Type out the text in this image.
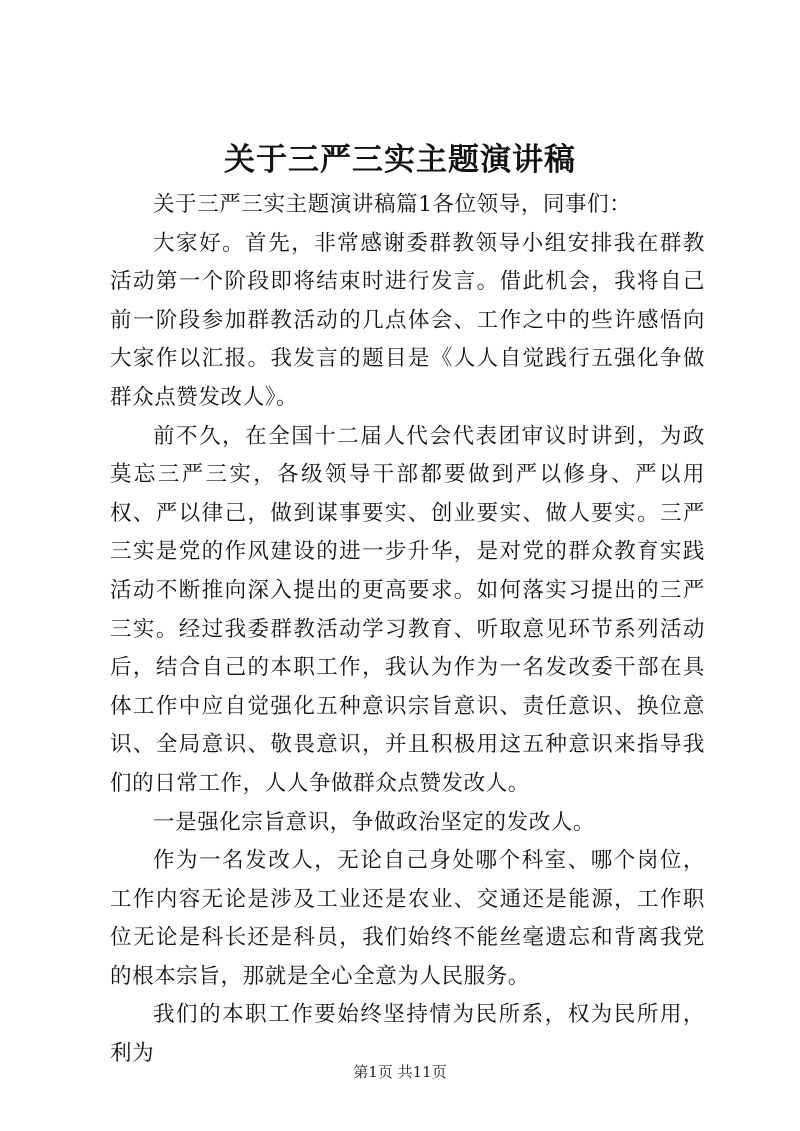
关于三严三实主题演讲稿

关于三严三实主题演讲稿篇1各位领导，同事们：

大家好。首先，非常感谢委群教领导小组安排我在群教活动第一个阶段即将结束时进行发言。借此机会，我将自己前一阶段参加群教活动的几点体会、工作之中的些许感悟向大家作以汇报。我发言的题目是《人人自觉践行五强化争做群众点赞发改人》。

前不久，在全国十二届人代会代表团审议时讲到，为政莫忘三严三实，各级领导干部都要做到严以修身、严以用权、严以律己，做到谋事要实、创业要实、做人要实。三严三实是党的作风建设的进一步升华，是对党的群众教育实践活动不断推向深入提出的更高要求。如何落实习提出的三严三实。经过我委群教活动学习教育、听取意见环节系列活动后，结合自己的本职工作，我认为作为一名发改委干部在具体工作中应自觉强化五种意识宗旨意识、责任意识、换位意识、全局意识、敬畏意识，并且积极用这五种意识来指导我们的日常工作，人人争做群众点赞发改人。

一是强化宗旨意识，争做政治坚定的发改人。

作为一名发改人，无论自己身处哪个科室、哪个岗位，工作内容无论是涉及工业还是农业、交通还是能源，工作职位无论是科长还是科员，我们始终不能丝毫遗忘和背离我党的根本宗旨，那就是全心全意为人民服务。

我们的本职工作要始终坚持情为民所系，权为民所用，利为

第1页 共11页
